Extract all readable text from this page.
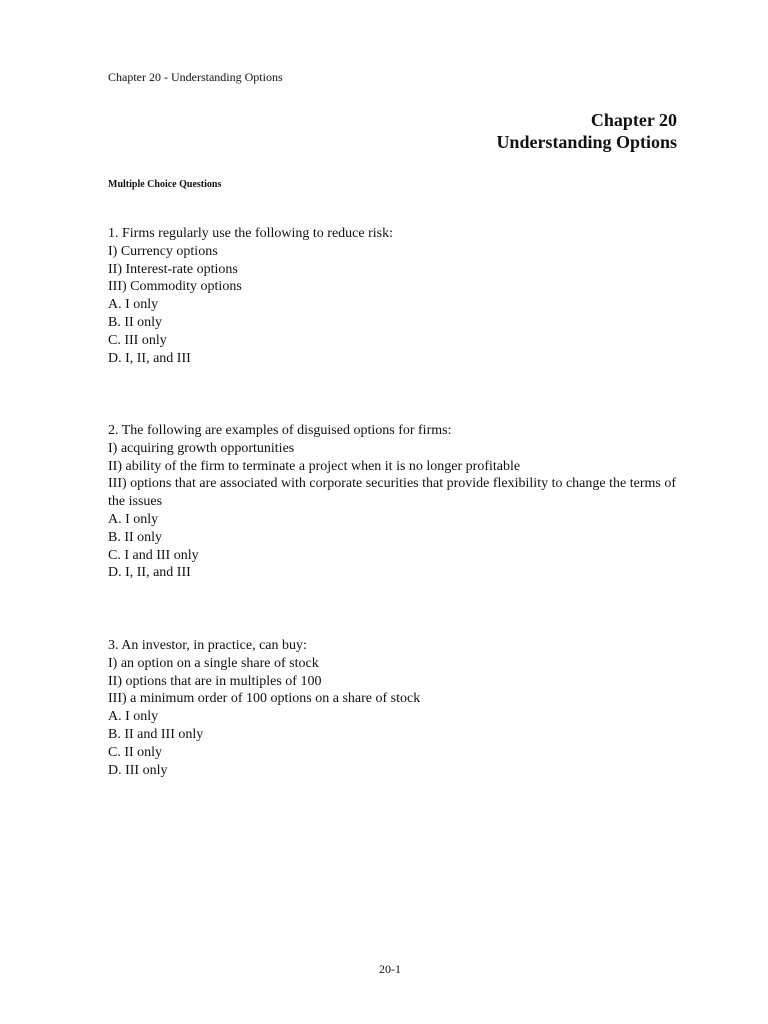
Chapter 20 - Understanding Options

Chapter 20
Understanding Options

Multiple Choice Questions

1. Firms regularly use the following to reduce risk:

I) Currency options

II) Interest-rate options

III) Commodity options

A. I only

B. II only

C. III only

D. I, II, and III

2. The following are examples of disguised options for firms:

I) acquiring growth opportunities

II) ability of the firm to terminate a project when it is no longer profitable

III) options that are associated with corporate securities that provide flexibility to change the terms of the issues

A. I only

B. II only

C. I and III only

D. I, II, and III

3. An investor, in practice, can buy:

I) an option on a single share of stock

II) options that are in multiples of 100

III) a minimum order of 100 options on a share of stock

A. I only

B. II and III only

C. II only

D. III only

20-1
